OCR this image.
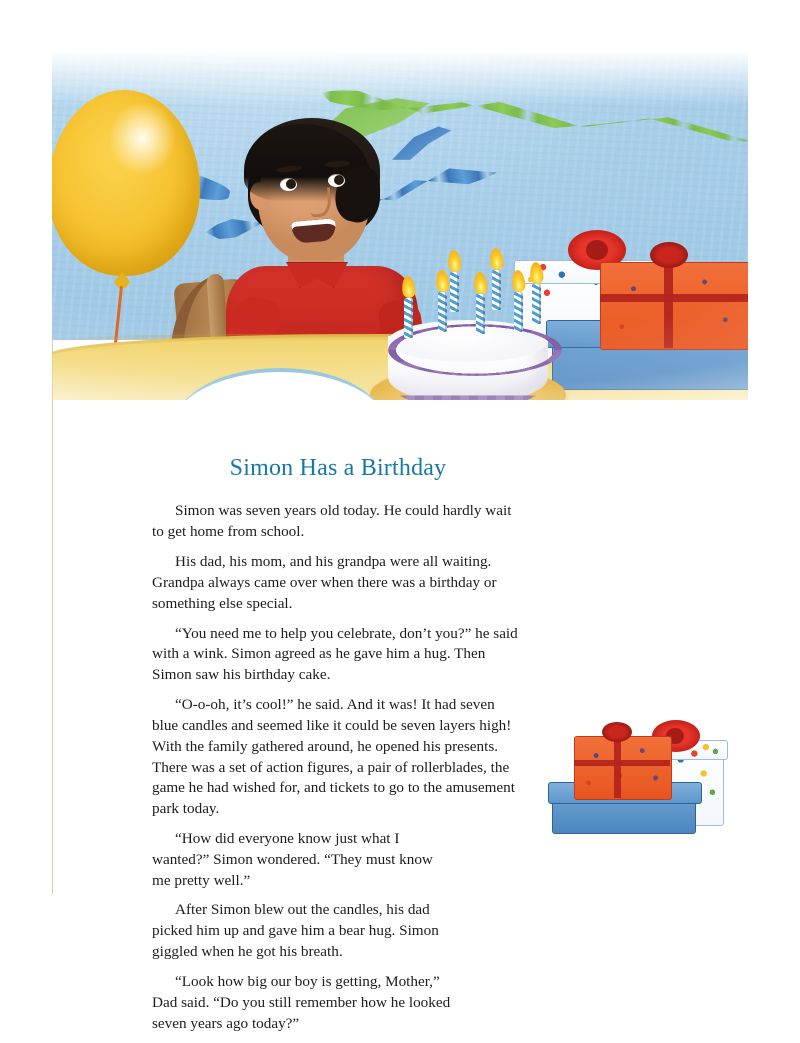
Simon Has a Birthday

Simon was seven years old today. He could hardly wait to get home from school.

His dad, his mom, and his grandpa were all waiting. Grandpa always came over when there was a birthday or something else special.

“You need me to help you celebrate, don’t you?” he said with a wink. Simon agreed as he gave him a hug. Then Simon saw his birthday cake.

“O-o-oh, it’s cool!” he said. And it was! It had seven blue candles and seemed like it could be seven layers high! With the family gathered around, he opened his presents. There was a set of action figures, a pair of rollerblades, the game he had wished for, and tickets to go to the amusement park today.

“How did everyone know just what I wanted?” Simon wondered. “They must know me pretty well.”

After Simon blew out the candles, his dad picked him up and gave him a bear hug. Simon giggled when he got his breath.

“Look how big our boy is getting, Mother,” Dad said. “Do you still remember how he looked seven years ago today?”
